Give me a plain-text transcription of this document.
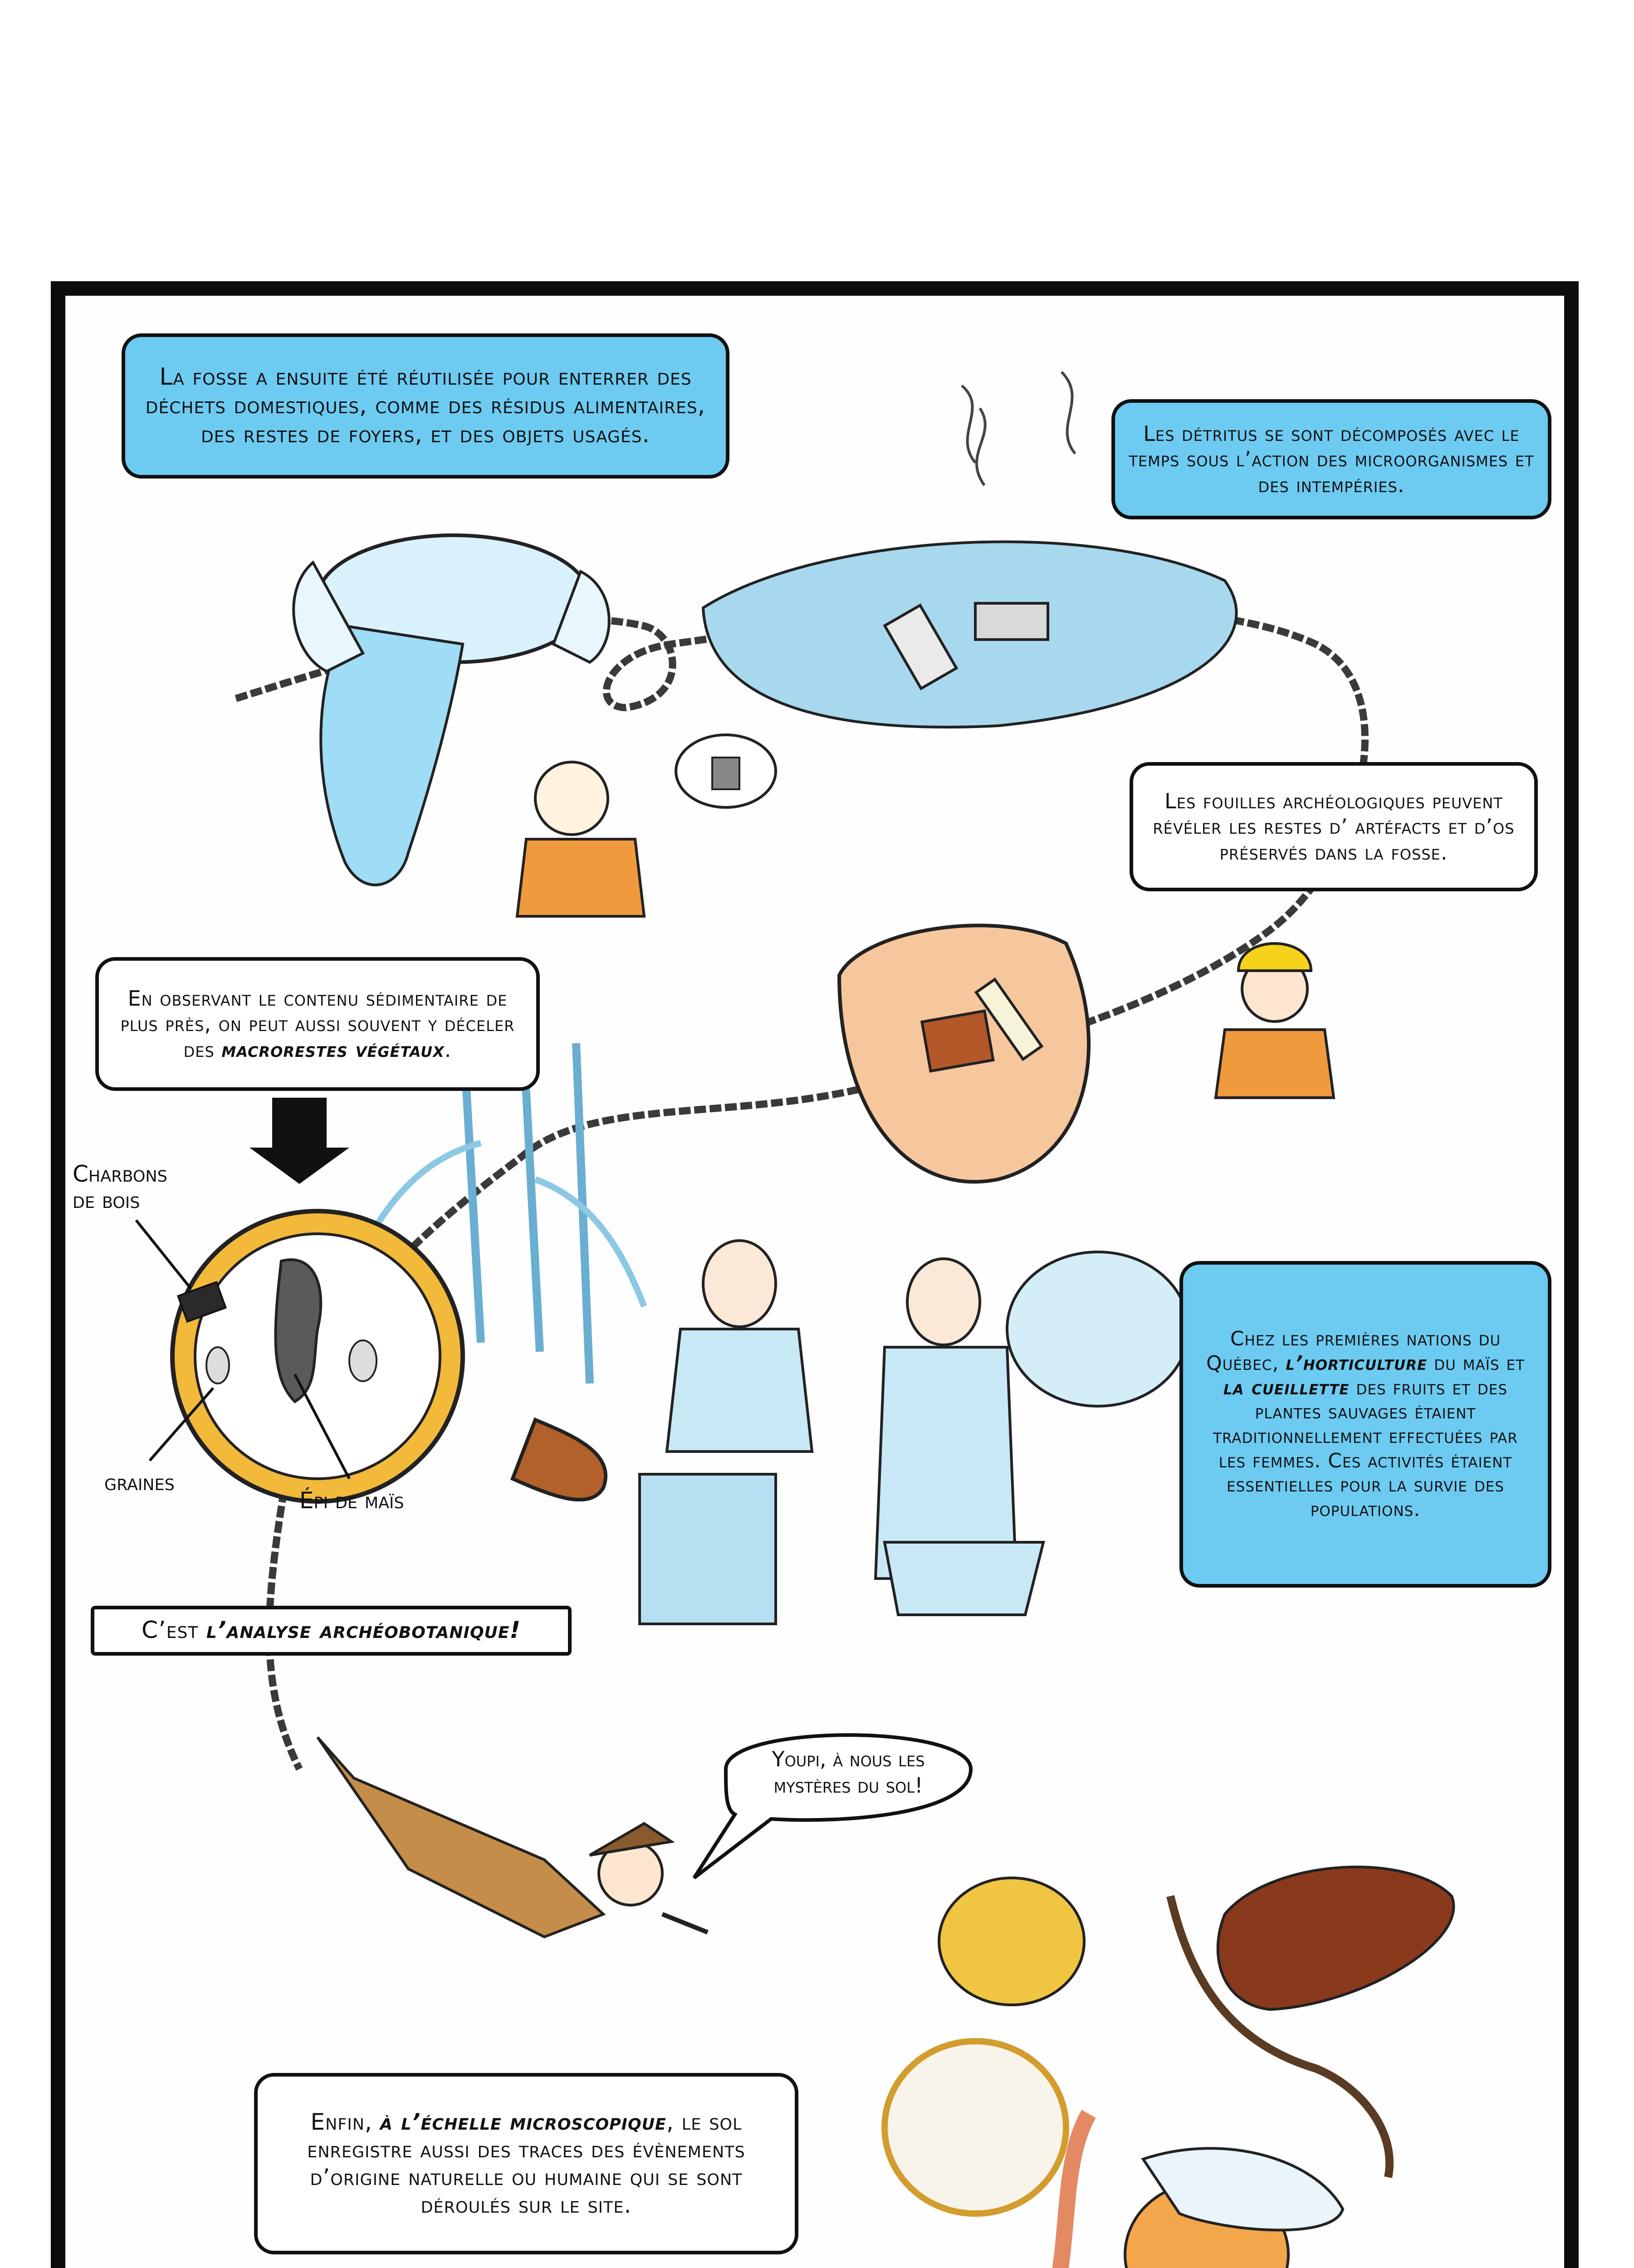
La fosse a ensuite été réutilisée pour enterrer des déchets domestiques, comme des résidus alimentaires, des restes de foyers, et des objets usagés.	Les détritus se sont décomposés avec le temps sous l’action des microorganismes et des intempéries.

Les fouilles archéologiques peuvent révéler les restes d’ artéfacts et d’os préservés dans la fosse.

En observant le contenu sédimentaire de plus près, on peut aussi souvent y déceler des macrorestes végétaux.

Chez les premières nations du Québec, l’horticulture du maïs et la cueillette des fruits et des plantes sauvages étaient traditionnellement effectuées par les femmes. Ces activités étaient essentielles pour la survie des populations.

C’est l’analyse archéobotanique!

Enfin, à l’échelle microscopique, le sol enregistre aussi des traces des évènements d’origine naturelle ou humaine qui se sont déroulés sur le site.

Youpi, à nous les mystères du sol!
Charbons de bois
graines
Épi de maïs
